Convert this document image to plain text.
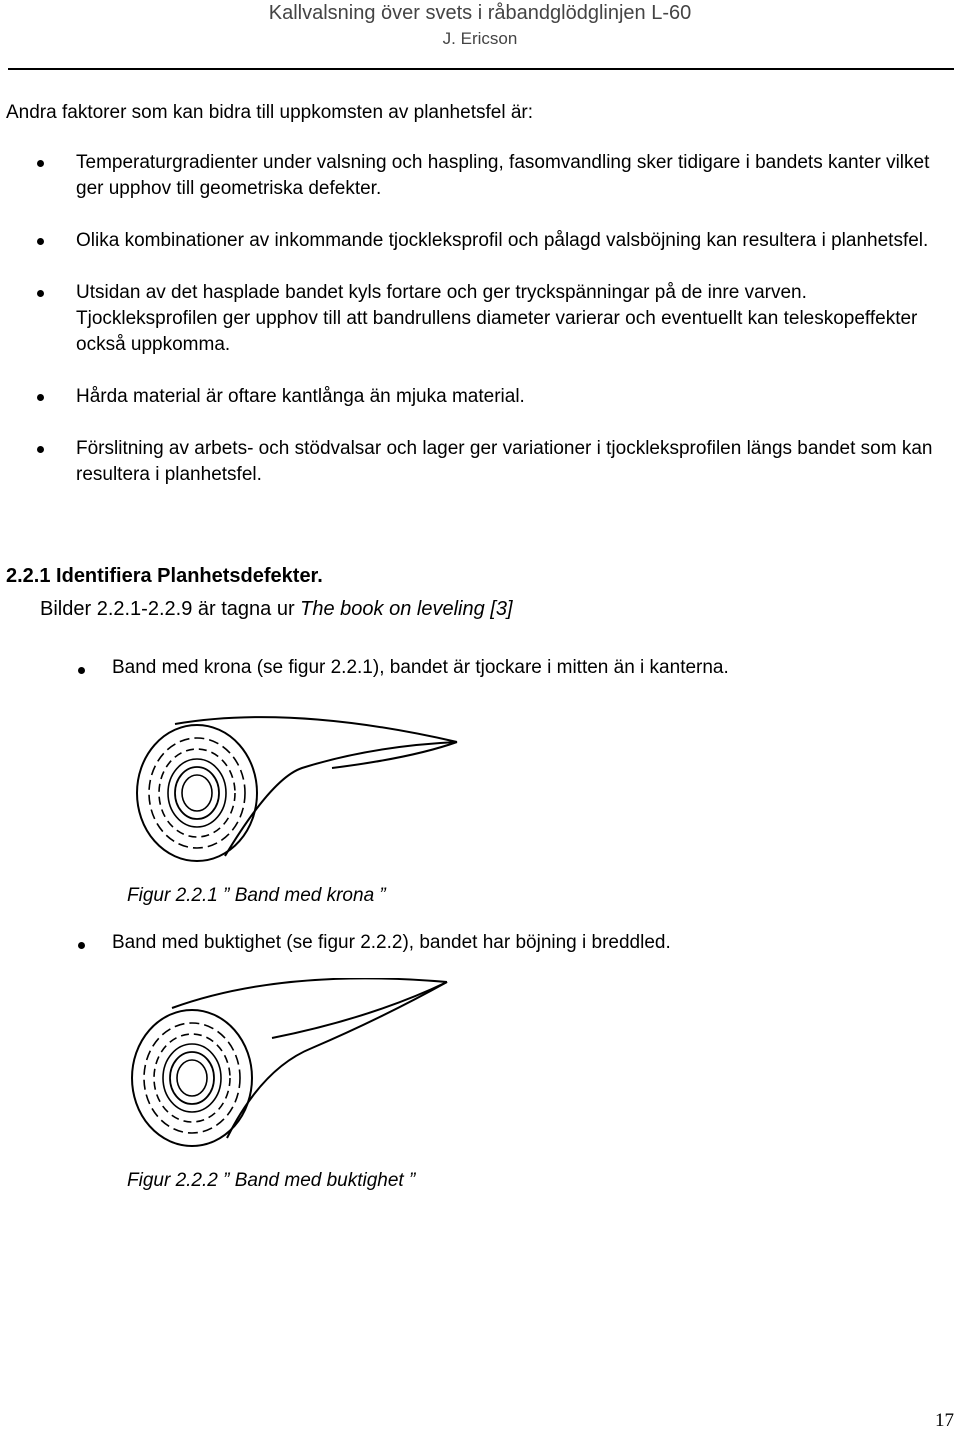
Kallvalsning över svets i råbandglödglinjen L-60
J. Ericson
Andra faktorer som kan bidra till uppkomsten av planhetsfel är:
Temperaturgradienter under valsning och haspling, fasomvandling sker tidigare i bandets kanter vilket ger upphov till geometriska defekter.
Olika kombinationer av inkommande tjockleksprofil och pålagd valsböjning kan resultera i planhetsfel.
Utsidan av det hasplade bandet kyls fortare och ger tryckspänningar på de inre varven. Tjockleksprofilen ger upphov till att bandrullens diameter varierar och eventuellt kan teleskopeffekter också uppkomma.
Hårda material är oftare kantlånga än mjuka material.
Förslitning av arbets- och stödvalsar och lager ger variationer i tjockleksprofilen längs bandet som kan resultera i planhetsfel.
2.2.1 Identifiera Planhetsdefekter.
Bilder 2.2.1-2.2.9 är tagna ur The book on leveling [3]
Band med krona (se figur 2.2.1), bandet är tjockare i mitten än i kanterna.
Figur 2.2.1 ” Band med krona ”
Band med buktighet (se figur 2.2.2), bandet har böjning i breddled.
Figur 2.2.2 ” Band med buktighet ”
17
